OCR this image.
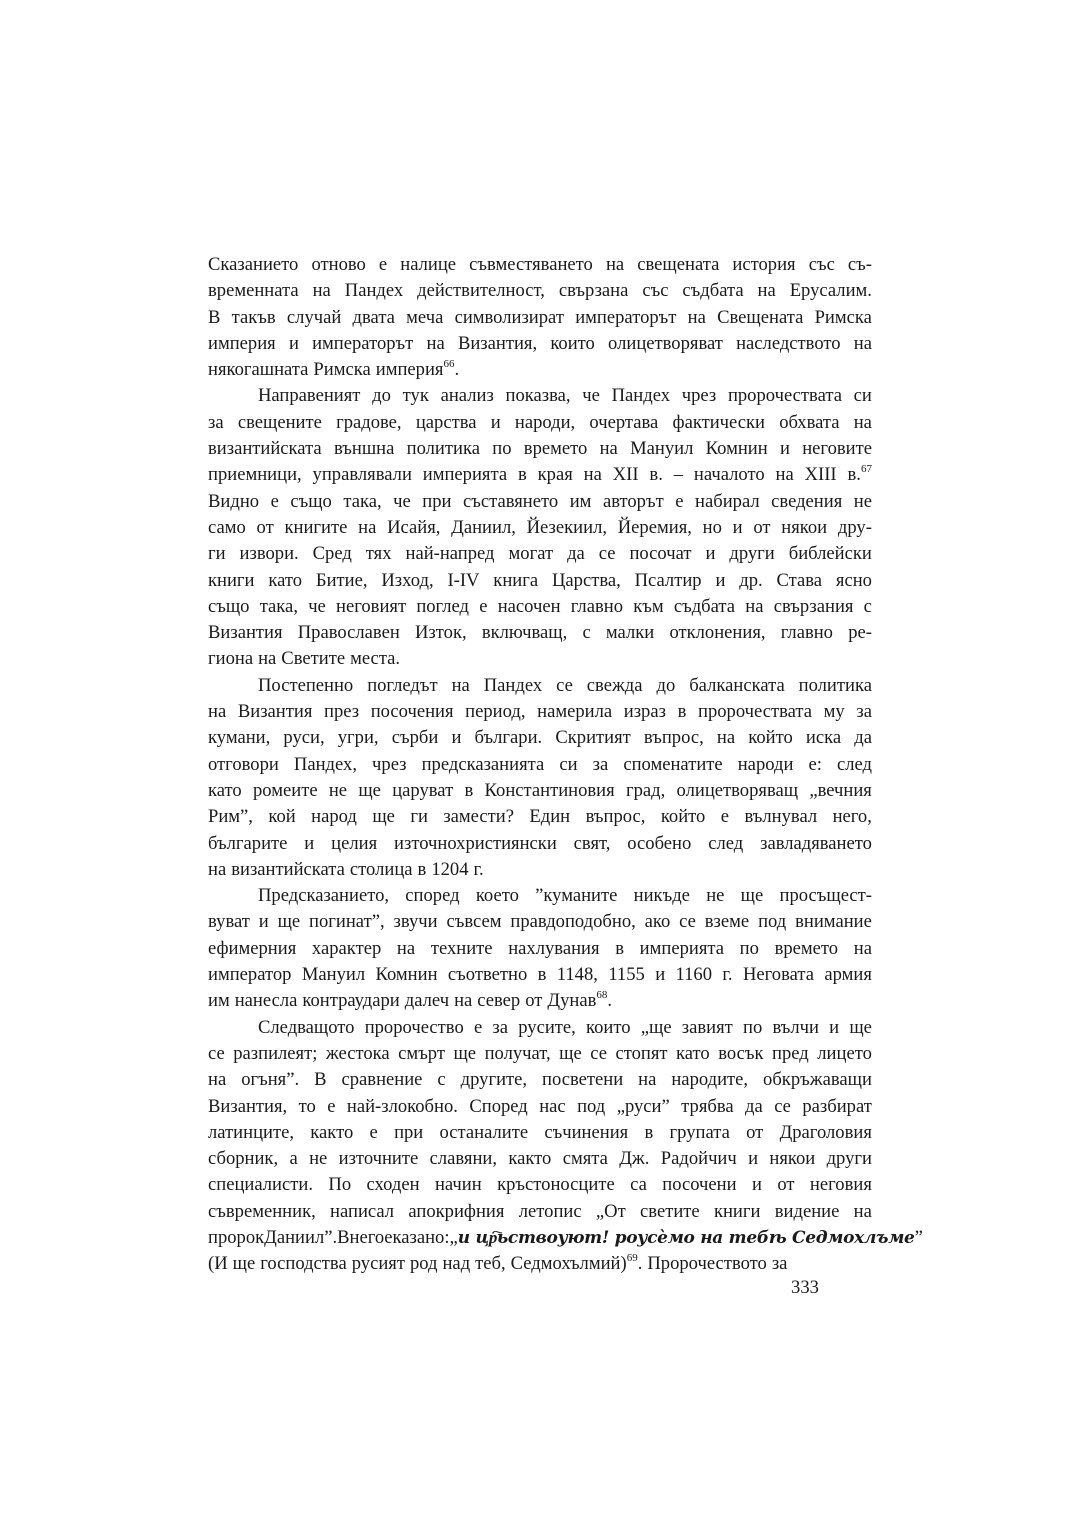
Сказанието отново е налице съвместяването на свещената история със съ-
временната на Пандех действителност, свързана със съдбата на Ерусалим.
В такъв случай двата меча символизират императорът на Свещената Римска
империя и императорът на Византия, които олицетворяват наследството на
някогашната Римска империя$^{66}$.
Направеният до тук анализ показва, че Пандех чрез пророчествата си
за свещените градове, царства и народи, очертава фактически обхвата на
византийската външна политика по времето на Мануил Комнин и неговите
приемници, управлявали империята в края на XII в. – началото на XIII в.$^{67}$
Видно е също така, че при съставянето им авторът е набирал сведения не
само от книгите на Исайя, Даниил, Йезекиил, Йеремия, но и от някои дру-
ги извори. Сред тях най-напред могат да се посочат и други библейски
книги като Битие, Изход, I-IV книга Царства, Псалтир и др. Става ясно
също така, че неговият поглед е насочен главно към съдбата на свързания с
Византия Православен Изток, включващ, с малки отклонения, главно ре-
гиона на Светите места.
Постепенно погледът на Пандех се свежда до балканската политика
на Византия през посочения период, намерила израз в пророчествата му за
кумани, руси, угри, сърби и българи. Скритият въпрос, на който иска да
отговори Пандех, чрез предсказанията си за споменатите народи е: след
като ромеите не ще царуват в Константиновия град, олицетворяващ „вечния
Рим”, кой народ ще ги замести? Един въпрос, който е вълнувал него,
българите и целия източнохристиянски свят, особено след завладяването
на византийската столица в 1204 г.
Предсказанието, според което ”куманите никъде не ще просъщест-
вуват и ще погинат”, звучи съвсем правдоподобно, ако се вземе под внимание
ефимерния характер на техните нахлувания в империята по времето на
император Мануил Комнин съответно в 1148, 1155 и 1160 г. Неговата армия
им нанесла контраудари далеч на север от Дунав$^{68}$.
Следващото пророчество е за русите, които „ще завият по вълчи и ще
се разпилеят; жестока смърт ще получат, ще се стопят като восък пред лицето
на огъня”. В сравнение с другите, посветени на народите, обкръжаващи
Византия, то е най-злокобно. Според нас под „руси” трябва да се разбират
латинците, както е при останалите съчинения в групата от Драголовия
сборник, а не източните славяни, както смята Дж. Радойчич и някои други
специалисти. По сходен начин кръстоносците са посочени и от неговия
съвременник, написал апокрифния летопис „От светите книги видение на
пророк Даниил”. В него е казано: „и цр҇ьствоуют! роусѐмо на тебѣ Седмохлъме”
(И ще господства русият род над теб, Седмохълмий)$^{69}$. Пророчеството за
333
